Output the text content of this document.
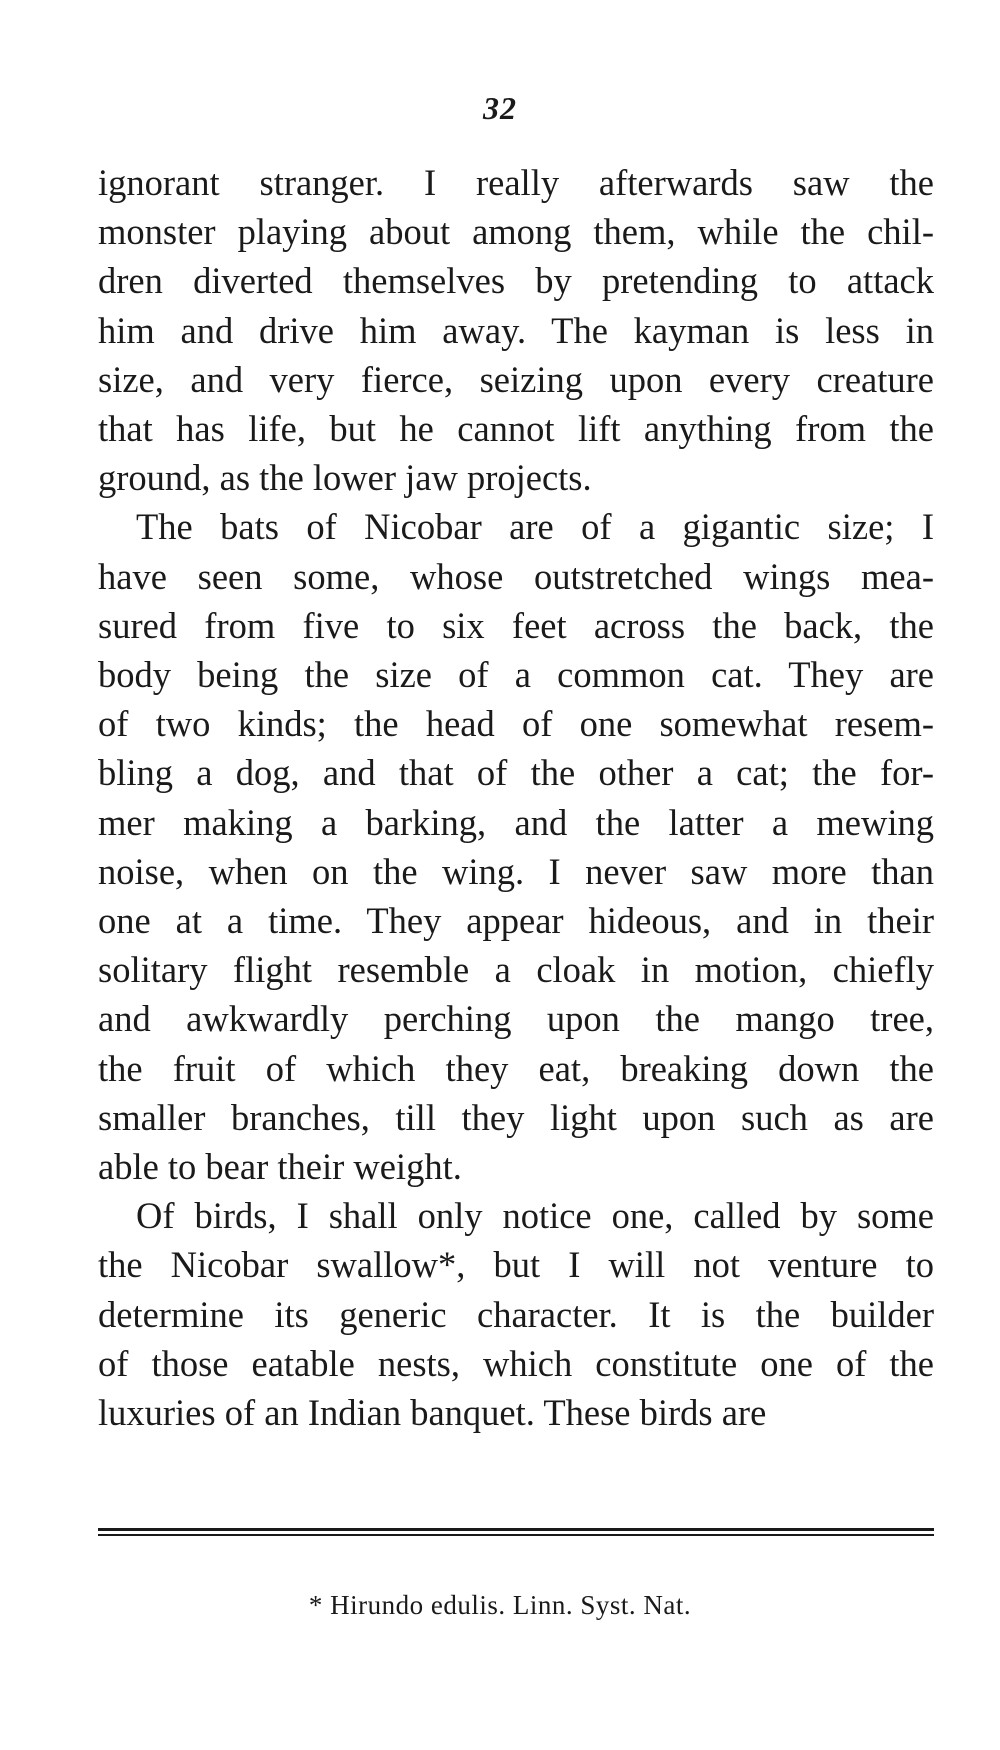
32
ignorant stranger. I really afterwards saw the
monster playing about among them, while the chil-
dren diverted themselves by pretending to attack
him and drive him away. The kayman is less in
size, and very fierce, seizing upon every creature
that has life, but he cannot lift anything from the
ground, as the lower jaw projects.
The bats of Nicobar are of a gigantic size; I
have seen some, whose outstretched wings mea-
sured from five to six feet across the back, the
body being the size of a common cat. They are
of two kinds; the head of one somewhat resem-
bling a dog, and that of the other a cat; the for-
mer making a barking, and the latter a mewing
noise, when on the wing. I never saw more than
one at a time. They appear hideous, and in their
solitary flight resemble a cloak in motion, chiefly
and awkwardly perching upon the mango tree,
the fruit of which they eat, breaking down the
smaller branches, till they light upon such as are
able to bear their weight.
Of birds, I shall only notice one, called by some
the Nicobar swallow*, but I will not venture to
determine its generic character. It is the builder
of those eatable nests, which constitute one of the
luxuries of an Indian banquet. These birds are
* Hirundo edulis. Linn. Syst. Nat.
